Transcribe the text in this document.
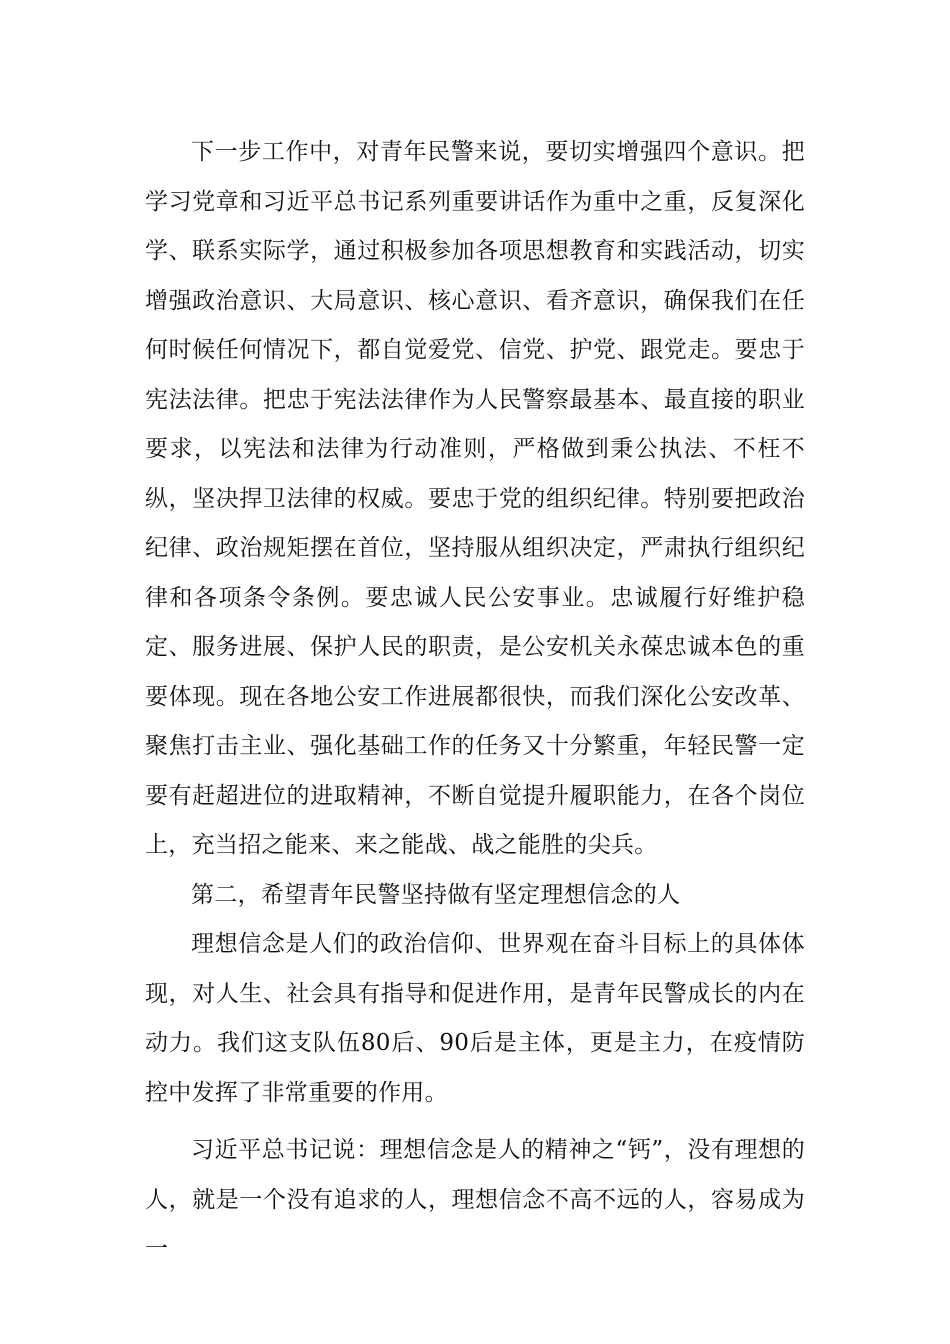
下一步工作中，对青年民警来说，要切实增强四个意识。把学习党章和习近平总书记系列重要讲话作为重中之重，反复深化学、联系实际学，通过积极参加各项思想教育和实践活动，切实增强政治意识、大局意识、核心意识、看齐意识，确保我们在任何时候任何情况下，都自觉爱党、信党、护党、跟党走。要忠于宪法法律。把忠于宪法法律作为人民警察最基本、最直接的职业要求，以宪法和法律为行动准则，严格做到秉公执法、不枉不纵，坚决捍卫法律的权威。要忠于党的组织纪律。特别要把政治纪律、政治规矩摆在首位，坚持服从组织决定，严肃执行组织纪律和各项条令条例。要忠诚人民公安事业。忠诚履行好维护稳定、服务进展、保护人民的职责，是公安机关永葆忠诚本色的重要体现。现在各地公安工作进展都很快，而我们深化公安改革、聚焦打击主业、强化基础工作的任务又十分繁重，年轻民警一定要有赶超进位的进取精神，不断自觉提升履职能力，在各个岗位上，充当招之能来、来之能战、战之能胜的尖兵。

第二，希望青年民警坚持做有坚定理想信念的人

理想信念是人们的政治信仰、世界观在奋斗目标上的具体体现，对人生、社会具有指导和促进作用，是青年民警成长的内在动力。我们这支队伍80后、90后是主体，更是主力，在疫情防控中发挥了非常重要的作用。

习近平总书记说：理想信念是人的精神之“钙”，没有理想的人，就是一个没有追求的人，理想信念不高不远的人，容易成为一
